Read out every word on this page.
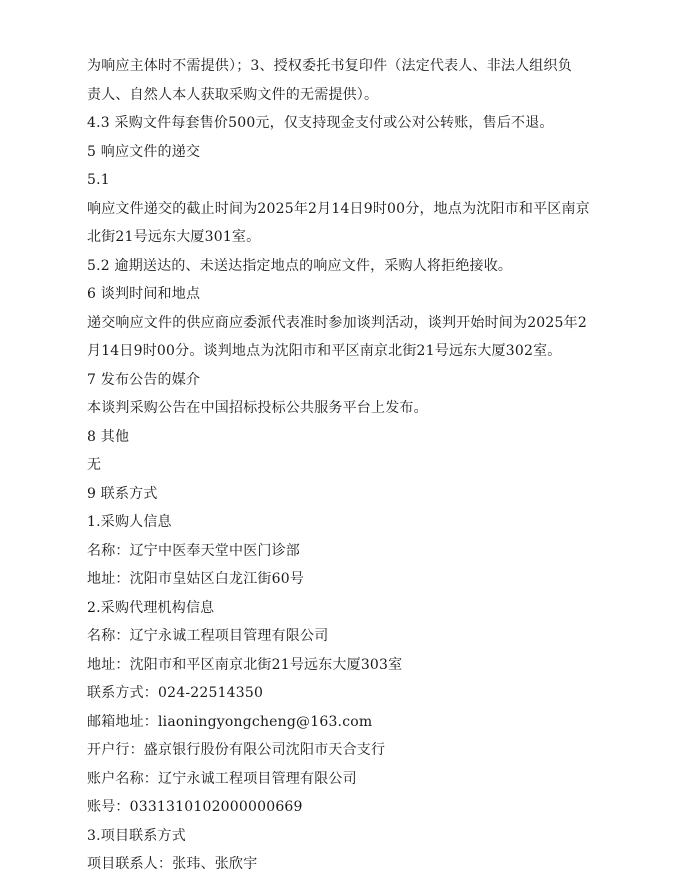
为响应主体时不需提供）；3、授权委托书复印件（法定代表人、非法人组织负
责人、自然人本人获取采购文件的无需提供）。
4.3 采购文件每套售价500元，仅支持现金支付或公对公转账，售后不退。
5 响应文件的递交
5.1
响应文件递交的截止时间为2025年2月14日9时00分，地点为沈阳市和平区南京
北街21号远东大厦301室。
5.2 逾期送达的、未送达指定地点的响应文件，采购人将拒绝接收。
6 谈判时间和地点
递交响应文件的供应商应委派代表准时参加谈判活动，谈判开始时间为2025年2
月14日9时00分。谈判地点为沈阳市和平区南京北街21号远东大厦302室。
7 发布公告的媒介
本谈判采购公告在中国招标投标公共服务平台上发布。
8 其他
无
9 联系方式
1.采购人信息
名称：辽宁中医奉天堂中医门诊部
地址：沈阳市皇姑区白龙江街60号
2.采购代理机构信息
名称：辽宁永诚工程项目管理有限公司
地址：沈阳市和平区南京北街21号远东大厦303室
联系方式：024-22514350
邮箱地址：liaoningyongcheng@163.com
开户行：盛京银行股份有限公司沈阳市天合支行
账户名称：辽宁永诚工程项目管理有限公司
账号：0331310102000000669
3.项目联系方式
项目联系人：张玮、张欣宇
